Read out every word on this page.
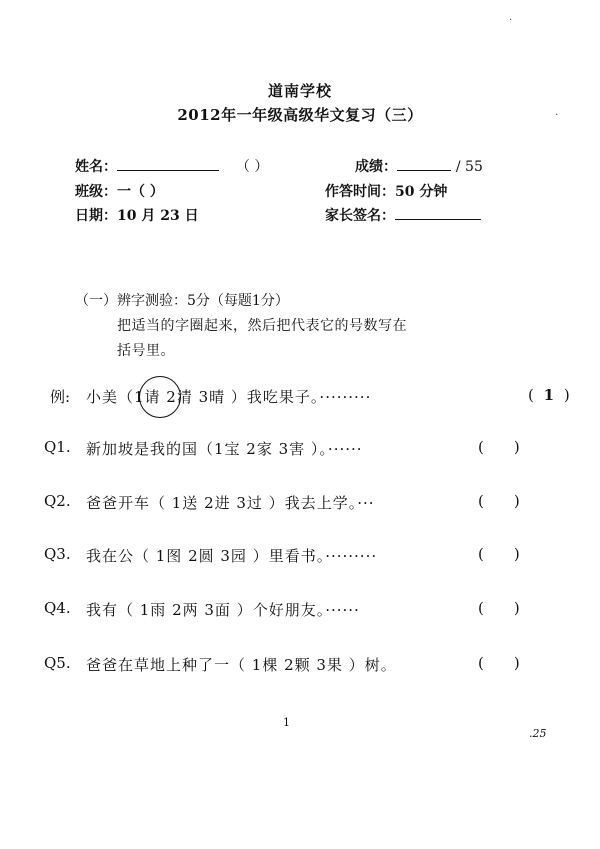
道南学校
2012年一年级高级华文复习（三）
姓名：	（ ）	成绩：	/ 55
班级：一（ ）	作答时间：50 分钟
日期：10 月 23 日	家长签名：
（一）辨字测验：5分（每题1分）
把适当的字圈起来，然后把代表它的号数写在
括号里。
例: 小美（1请 2清 3晴 ）我吃果子。·········	( 1 )
Q1. 新加坡是我的国（1宝 2家 3害 ）。······	( )
Q2. 爸爸开车（ 1送 2进 3过 ）我去上学。···	( )
Q3. 我在公（ 1图 2圆 3园 ）里看书。·········	( )
Q4. 我有（ 1雨 2两 3面 ）个好朋友。······	( )
Q5. 爸爸在草地上种了一（ 1棵 2颗 3果 ）树。	( )
1
.25
·
·
